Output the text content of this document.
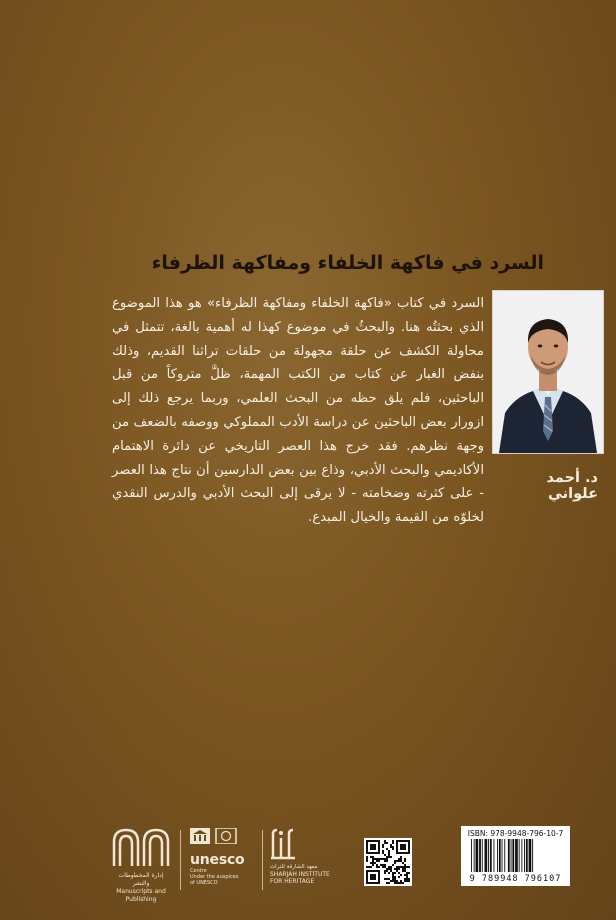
السرد في فاكهة الخلفاء ومفاكهة الظرفاء
السرد في كتاب «فاكهة الخلفاء ومفاكهة الظرفاء» هو هذا الموضوع الذي بحثتُه هنا. والبحثُ في موضوع كهذا له أهمية بالغة، تتمثل في محاولة الكشف عن حلقة مجهولة من حلقات تراثنا القديم، وذلك بنفض الغبار عن كتاب من الكتب المهمة، ظلَّ متروكاً من قبل الباحثين، فلم يلق حظه من البحث العلمي، وربما يرجع ذلك إلى ازورار بعض الباحثين عن دراسة الأدب المملوكي ووصفه بالضعف من وجهة نظرهم. فقد خرج هذا العصر التاريخي عن دائرة الاهتمام الأكاديمي والبحث الأدبي، وذاع بين بعض الدارسين أن نتاج هذا العصر - على كثرته وضخامته - لا يرقى إلى البحث الأدبي والدرس النقدي لخلوّه من القيمة والخيال المبدع.
د. أحمد علواني
إدارة المخطوطات والنشر
Manuscripts and Publishing
unesco
Centre
Under the auspices
of UNESCO
معهد الشارقة للتراث
SHARJAH INSTITUTE
FOR HERITAGE
ISBN: 978-9948-796-10-7
9 789948 796107
